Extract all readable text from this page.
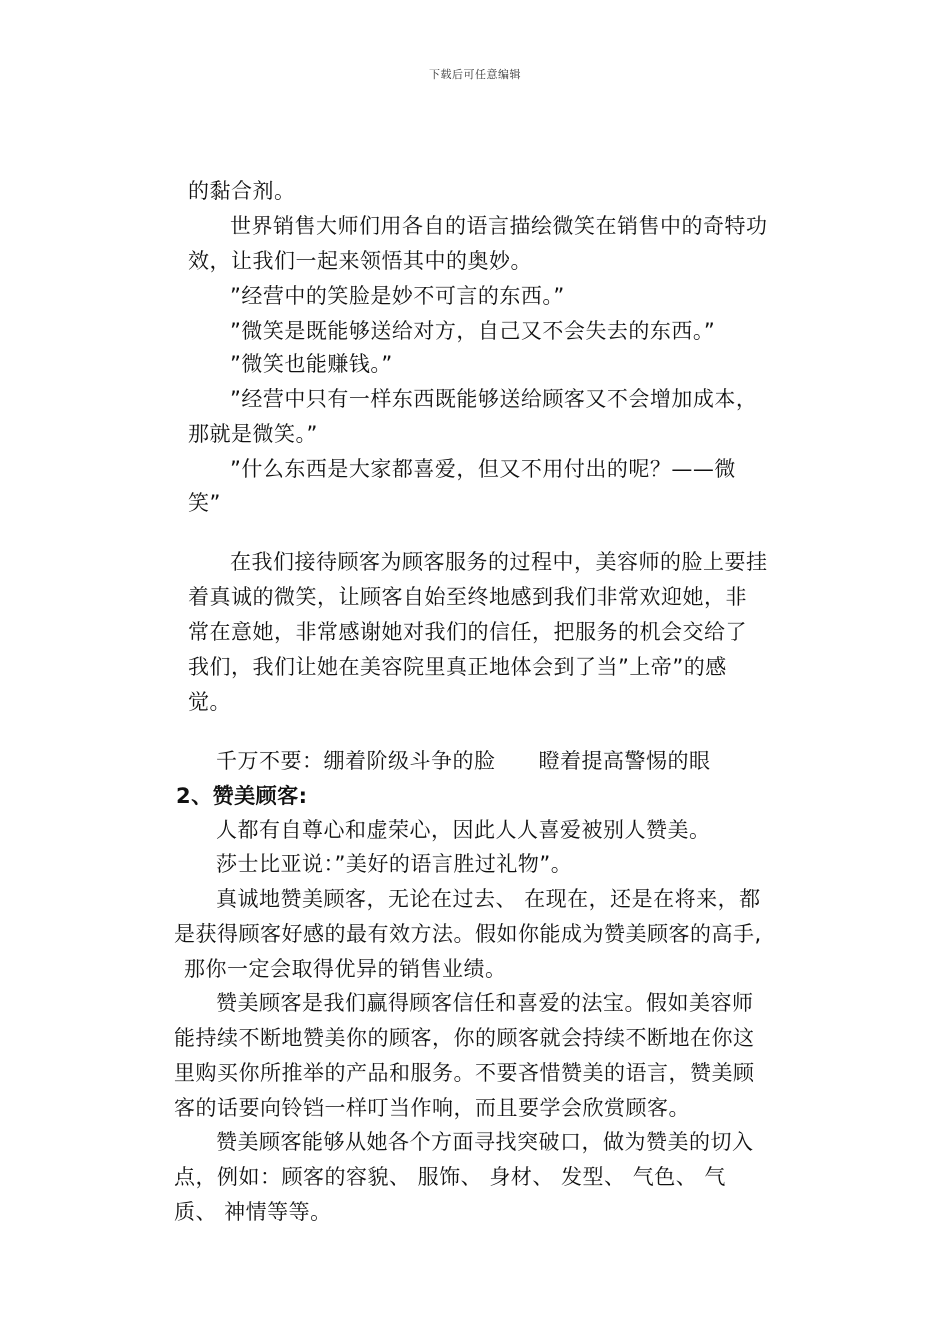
下载后可任意编辑
的黏合剂。
世界销售大师们用各自的语言描绘微笑在销售中的奇特功
效，让我们一起来领悟其中的奥妙。
”经营中的笑脸是妙不可言的东西。”
”微笑是既能够送给对方，自己又不会失去的东西。”
”微笑也能赚钱。”
”经营中只有一样东西既能够送给顾客又不会增加成本，
那就是微笑。”
”什么东西是大家都喜爱，但又不用付出的呢？——微
笑”
在我们接待顾客为顾客服务的过程中，美容师的脸上要挂
着真诚的微笑，让顾客自始至终地感到我们非常欢迎她，非
常在意她，非常感谢她对我们的信任，把服务的机会交给了
我们，我们让她在美容院里真正地体会到了当”上帝”的感
觉。
千万不要：绷着阶级斗争的脸　　瞪着提高警惕的眼
2、赞美顾客:
人都有自尊心和虚荣心，因此人人喜爱被别人赞美。
莎士比亚说：”美好的语言胜过礼物”。
真诚地赞美顾客，无论在过去、 在现在，还是在将来，都
是获得顾客好感的最有效方法。假如你能成为赞美顾客的高手,
那你一定会取得优异的销售业绩。
赞美顾客是我们赢得顾客信任和喜爱的法宝。假如美容师
能持续不断地赞美你的顾客，你的顾客就会持续不断地在你这
里购买你所推举的产品和服务。不要吝惜赞美的语言，赞美顾
客的话要向铃铛一样叮当作响，而且要学会欣赏顾客。
赞美顾客能够从她各个方面寻找突破口，做为赞美的切入
点，例如：顾客的容貌、 服饰、 身材、 发型、 气色、 气
质、 神情等等。
